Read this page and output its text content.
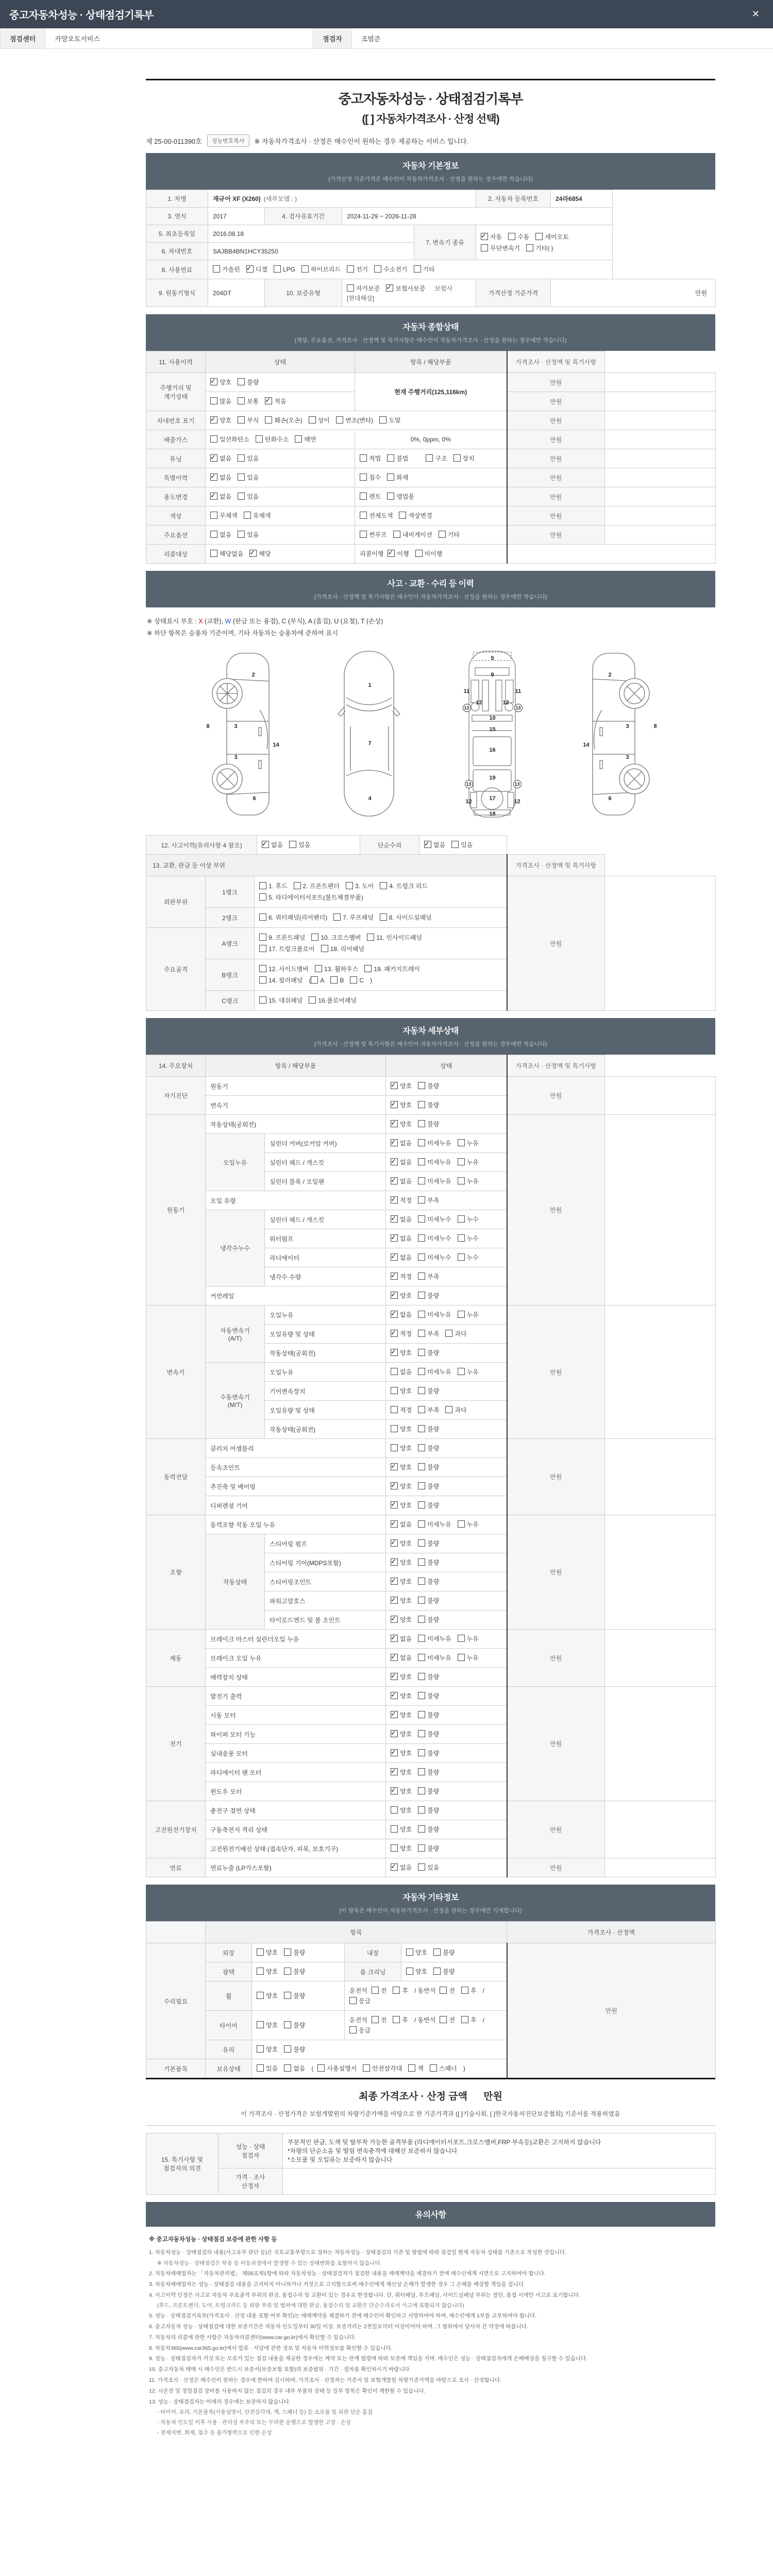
중고자동차성능 · 상태점검기록부	✕
점검센터	가양오토서비스	점검자	조범준
중고자동차성능 · 상태점검기록부
([ ] 자동차가격조사 · 산정 선택)
제 25-00-011390호	성능번호복사	※ 자동차가격조사 · 산정은 매수인이 원하는 경우 제공하는 서비스 입니다.
자동차 기본정보
(가격산정 기준가격은 매수인이 자동차가격조사 · 산정을 원하는 경우에만 적습니다)
1. 차명	재규어 XF (X260) (세부모델 : )				2. 자동차 등록번호	24라6854	
3. 연식	2017	4. 검사유효기간	2024-11-29 ~ 2026-11-28				
5. 최초등록일	2016.08.18			7. 변속기 종류	
✓자동 수동 세미오토
무단변속기 기타( )

6. 차대번호	SAJBB4BN1HCY35250						
8. 사용연료	가솔린 ✓ 디젤 LPG 하이브리드 전기 수소전기 기타	
9. 원동기형식	204DT	10. 보증유형	자가보증 ✓ 보험사보증 보험사 [현대해상]		가격산정 기준가격	만원	
자동차 종합상태
(색상, 주요옵션, 가격조사 · 산정액 및 특기사항은 매수인이 자동차가격조사 · 산정을 원하는 경우에만 적습니다)
11. 사용이력	상태	항목 / 해당부품	가격조사 · 산정액 및 특기사항	

주행거리 및
계기상태
	✓양호 불량	현재 주행거리(125,116km)	만원	
	많음 보통 ✓ 적음		만원	
차대번호 표기	✓양호 부식 훼손(오손) 상이 변조(변타) 도말		만원	
배출가스	일산화탄소 탄화수소 매연	0%, 0ppm, 0%	만원	
튜닝	✓없음 있음	적법 불법 구조 장치	만원	
특별이력	✓없음 있음	침수 화재	만원	
용도변경	✓없음 있음	렌트 영업용	만원	
색상	무채색 유채색	전체도색 색상변경	만원	
주요옵션	없음 있음	썬루프 내비게이션 기타	만원	
리콜대상	해당없음 ✓ 해당	리콜이행 ✓ 이행 미이행	
사고 · 교환 · 수리 등 이력
(가격조사 · 산정액 및 특기사항은 매수인이 자동차가격조사 · 산정을 원하는 경우에만 적습니다)
※ 상태표시 부호 : X (교환), W (판금 또는 용접), C (부식), A (흠집), U (요철), T (손상)
※ 하단 항목은 승용차 기준이며, 기타 자동차는 승용차에 준하여 표시
2
8	3
14
3
6
1
7
4
5
9
11	11
12	12
13	13
10
15
16
19
13	13
17
12	12
18
2
3	8
14
3
6
12. 사고이력(유의사항 4 참조)	✓없음	있음	단순수리	✓없음	있음	
13. 교환, 판금 등 이상 부위			가격조사 · 산정액 및 특기사항	
외판부위	1랭크	1. 후드 2. 프론트펜더 3. 도어 4. 트렁크 리드
5. 라디에이터서포트(볼트체결부품)	만원	
	2랭크	6. 쿼터패널(리어펜더) 7. 루프패널 8. 사이드실패널		

주요골격	A랭크	9. 프론트패널 10. 크로스멤버 11. 인사이드패널
17. 트렁크플로어 18. 리어패널		

	B랭크	12. 사이드멤버 13. 휠하우스 19. 패키지트레이
14. 필러패널 ( A B C )		

	C랭크	15. 대쉬패널 16.플로어패널		
자동차 세부상태
(가격조사 · 산정액 및 특기사항은 매수인이 자동차가격조사 · 산정을 원하는 경우에만 적습니다)
14. 주요장치	항목 / 해당부품		상태	가격조사 · 산정액 및 특기사항	
자기진단	원동기	✓양호 불량	만원	
	변속기	✓양호 불량
원동기	작동상태(공회전)	✓양호 불량	만원	
	오일누유	실린더 커버(로커암 커버)	✓없음 미세누유 누유
		실린더 헤드 / 개스킷	✓없음 미세누유 누유
		실린더 블록 / 오일팬	✓없음 미세누유 누유
	오일 유량	✓적정 부족
	냉각수누수	실린더 헤드 / 개스킷	✓없음 미세누수 누수
		워터펌프	✓없음 미세누수 누수
		라디에이터	✓없음 미세누수 누수
		냉각수 수량	✓적정 부족
	커먼레일	✓양호 불량
변속기	자동변속기
(A/T)	오일누유	✓없음 미세누유 누유	만원	
		오일유량 및 상태	✓적정 부족 과다
		작동상태(공회전)	✓양호 불량

	수동변속기
(M/T)	오일누유	없음 미세누유 누유		
		기어변속장치	양호 불량		
		오일유량 및 상태	적정 부족 과다		
		작동상태(공회전)	양호 불량		
동력전달	클러치 어셈블리		양호 불량	만원	
	등속조인트	✓양호 불량
	추진축 및 베어링	✓양호 불량
	디퍼렌셜 기어	✓양호 불량
조향	동력조향 작동 오일 누유	✓없음 미세누유 누유	만원	
	작동상태	스티어링 펌프	✓양호 불량
		스티어링 기어(MDPS포함)	✓양호 불량
		스티어링조인트	✓양호 불량
		파워고압호스	✓양호 불량
		타이로드엔드 및 볼 조인트	✓양호 불량
제동	브레이크 마스터 실린더오일 누유	✓없음 미세누유 누유	만원	
	브레이크 오일 누유	✓없음 미세누유 누유
	배력장치 상태	✓양호 불량
전기	발전기 출력	✓양호 불량	만원	
	시동 모터	✓양호 불량
	와이퍼 모터 기능	✓양호 불량
	실내송풍 모터	✓양호 불량
	라디에이터 팬 모터	✓양호 불량
	윈도우 모터	✓양호 불량
고전원전기장치	충전구 절연 상태		양호 불량	만원	
	구동축전지 격리 상태		양호 불량		
	고전원전기배선 상태 (접속단자, 피복, 보호기구)		양호 불량		
연료	연료누출 (LP가스포함)	✓없음 있음	만원	
자동차 기타정보
(이 항목은 매수인이 자동차가격조사 · 산정을 원하는 경우에만 기재합니다)
	항목				가격조사 · 산정액
수리필요	외장	양호 불량	내장	양호 불량	만원
	광택	양호 불량	룸 크리닝	양호 불량	
	휠	양호 불량	운전석 전 후 / 동반석 전 후 /응급		
	타이어	양호 불량	운전석 전 후 / 동반석 전 후 /응급		
	유리	양호 불량			
기본품목	보유상태	있음 없음 ( 사용설명서 안전삼각대 잭 스패너 )			
최종 가격조사 · 산정 금액 만원
이 가격조사 · 산정가격은 보험개발원의 차량기준가액을 바탕으로 한 기준가격과 ([ ]기술사회, [ ]한국자동차진단보증협회) 기준서를 적용하였음
15. 특기사항 및
점검자의 의견

성능 · 상태
점검자

부분적인 판금, 도색 및 탈부착 가능한 골격부품 (라디에이터서포트,크로스멤버,FRP 부속등)교환은 고지하지 않습니다
*차량의 단순소음 및 떨림 변속충격에 대해선 보증하지 않습니다
*소모품 및 오일류는 보증하지 않습니다

	가격 · 조사
산정자	

유의사항
※ 중고자동차성능 · 상태점검 보증에 관한 사항 등
1. 자동차성능 · 상태점검의 내용(사고유무 판단 등)은 국토교통부령으로 정하는 자동차성능 · 상태점검의 기준 및 방법에 따라 점검일 현재 자동차 상태를 기준으로 작성한 것입니다.
※ 자동차성능 · 상태점검은 탁송 등 이동과정에서 발생할 수 있는 상태변화를 포함하지 않습니다.
2. 자동차매매업자는 「자동차관리법」 제58조제1항에 따라 자동차성능 · 상태점검자가 점검한 내용을 매매계약을 체결하기 전에 매수인에게 서면으로 고지하여야 합니다.
3. 자동차매매업자는 성능 · 상태점검 내용을 고지하지 아니하거나 거짓으로 고지함으로써 매수인에게 재산상 손해가 발생한 경우 그 손해를 배상할 책임을 집니다.
4. 사고이력 인정은 사고로 자동차 주요골격 부위의 판금, 용접수리 및 교환이 있는 경우로 한정합니다. 단, 쿼터패널, 루프패널, 사이드실패널 부위는 절단, 용접 시에만 사고로 표기합니다.
(후드, 프론트펜더, 도어, 트렁크리드 등 외판 부위 및 범퍼에 대한 판금, 용접수리 및 교환은 단순수리로서 사고에 포함되지 않습니다)
5. 성능 · 상태점검기록부(가격조사 · 산정 내용 포함 여부 확인)는 매매계약을 체결하기 전에 매수인이 확인하고 서명하여야 하며, 매수인에게 1부를 교부하여야 합니다.
6. 중고자동차 성능 · 상태점검에 대한 보증기간은 자동차 인도일부터 30일 이상, 보증거리는 2천킬로미터 이상이어야 하며, 그 범위에서 당사자 간 약정에 따릅니다.
7. 자동차의 리콜에 관한 사항은 자동차리콜센터(www.car.go.kr)에서 확인할 수 있습니다.
8. 자동차365(www.car365.go.kr)에서 압류 · 저당에 관한 정보 및 자동차 이력정보를 확인할 수 있습니다.
9. 성능 · 상태점검자가 거짓 또는 오류가 있는 점검 내용을 제공한 경우에는 계약 또는 관계 법령에 따라 보증에 책임을 지며, 매수인은 성능 · 상태점검자에게 손해배상을 청구할 수 있습니다.
10. 중고자동차 매매 시 매수인은 반드시 보증서(보증보험 포함)의 보증범위 · 기간 · 절차를 확인하시기 바랍니다.
11. 가격조사 · 산정은 매수인이 원하는 경우에 한하여 실시하며, 가격조사 · 산정자는 기준서 및 보험개발원 차량기준가액을 바탕으로 조사 · 산정합니다.
12. 시운전 및 정밀점검 장비를 사용하지 않는 점검의 경우 내부 부품의 상태 등 일부 항목은 확인이 제한될 수 있습니다.
13. 성능 · 상태점검자는 아래의 경우에는 보증하지 않습니다.
- 타이어, 유리, 기본품목(사용설명서, 안전삼각대, 잭, 스패너 등) 등 소모품 및 외관 단순 흠집
- 자동차 인도일 이후 사용 · 관리상 부주의 또는 무리한 운행으로 발생한 고장 · 손상
- 천재지변, 화재, 침수 등 불가항력으로 인한 손상
